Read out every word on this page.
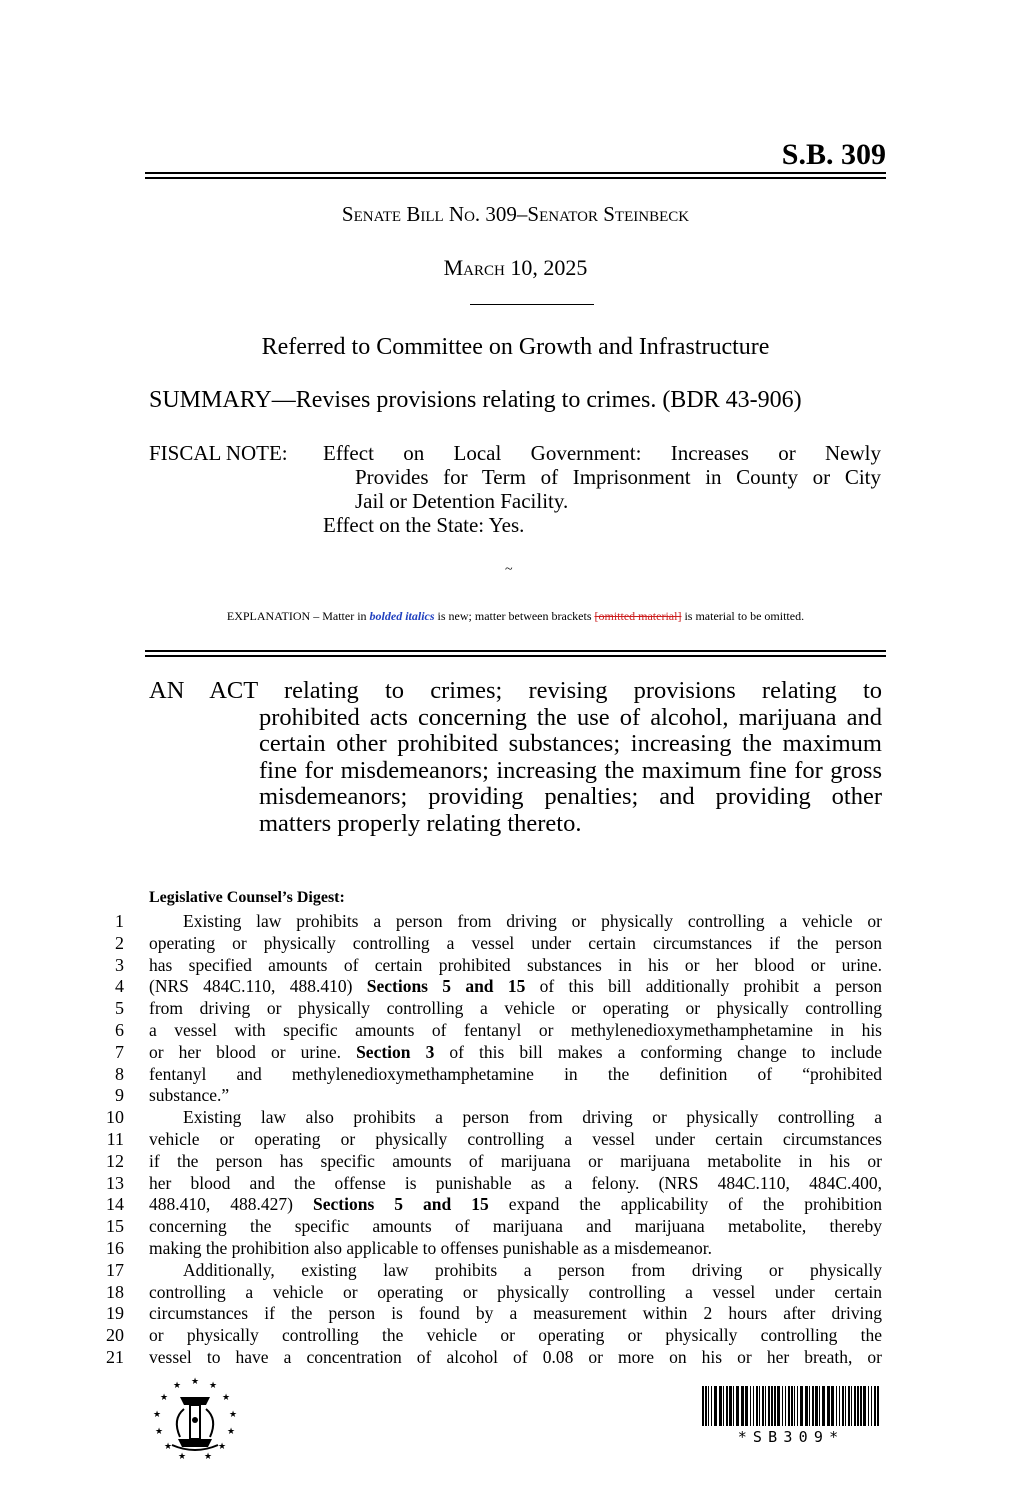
S.B. 309
Senate Bill No. 309–Senator Steinbeck
March 10, 2025
Referred to Committee on Growth and Infrastructure
SUMMARY—Revises provisions relating to crimes. (BDR 43-906)
FISCAL NOTE:	Effect on Local Government: Increases or Newly
Provides for Term of Imprisonment in County or City
Jail or Detention Facility.
Effect on the State: Yes.
~
EXPLANATION – Matter in bolded italics is new; matter between brackets [omitted material] is material to be omitted.
AN ACT relating to crimes; revising provisions relating to
prohibited acts concerning the use of alcohol, marijuana and certain other prohibited substances; increasing the maximum fine for misdemeanors; increasing the maximum fine for gross misdemeanors; providing penalties; and providing other matters properly relating thereto.
Legislative Counsel’s Digest:
1	Existing law prohibits a person from driving or physically controlling a vehicle or
2 operating or physically controlling a vessel under certain circumstances if the person
3 has specified amounts of certain prohibited substances in his or her blood or urine.
4 (NRS 484C.110, 488.410) Sections 5 and 15 of this bill additionally prohibit a person
5 from driving or physically controlling a vehicle or operating or physically controlling
6 a vessel with specific amounts of fentanyl or methylenedioxymethamphetamine in his
7 or her blood or urine. Section 3 of this bill makes a conforming change to include
8 fentanyl and methylenedioxymethamphetamine in the definition of “prohibited
9 substance.”
10	Existing law also prohibits a person from driving or physically controlling a
11 vehicle or operating or physically controlling a vessel under certain circumstances
12 if the person has specific amounts of marijuana or marijuana metabolite in his or
13 her blood and the offense is punishable as a felony. (NRS 484C.110, 484C.400,
14 488.410, 488.427) Sections 5 and 15 expand the applicability of the prohibition
15 concerning the specific amounts of marijuana and marijuana metabolite, thereby
16 making the prohibition also applicable to offenses punishable as a misdemeanor.
17	Additionally, existing law prohibits a person from driving or physically
18 controlling a vehicle or operating or physically controlling a vessel under certain
19 circumstances if the person is found by a measurement within 2 hours after driving
20 or physically controlling the vehicle or operating or physically controlling the
21 vessel to have a concentration of alcohol of 0.08 or more on his or her breath, or
★ ★
★
★
★
★
★
★
★
★
★
★
★
*SB309*
